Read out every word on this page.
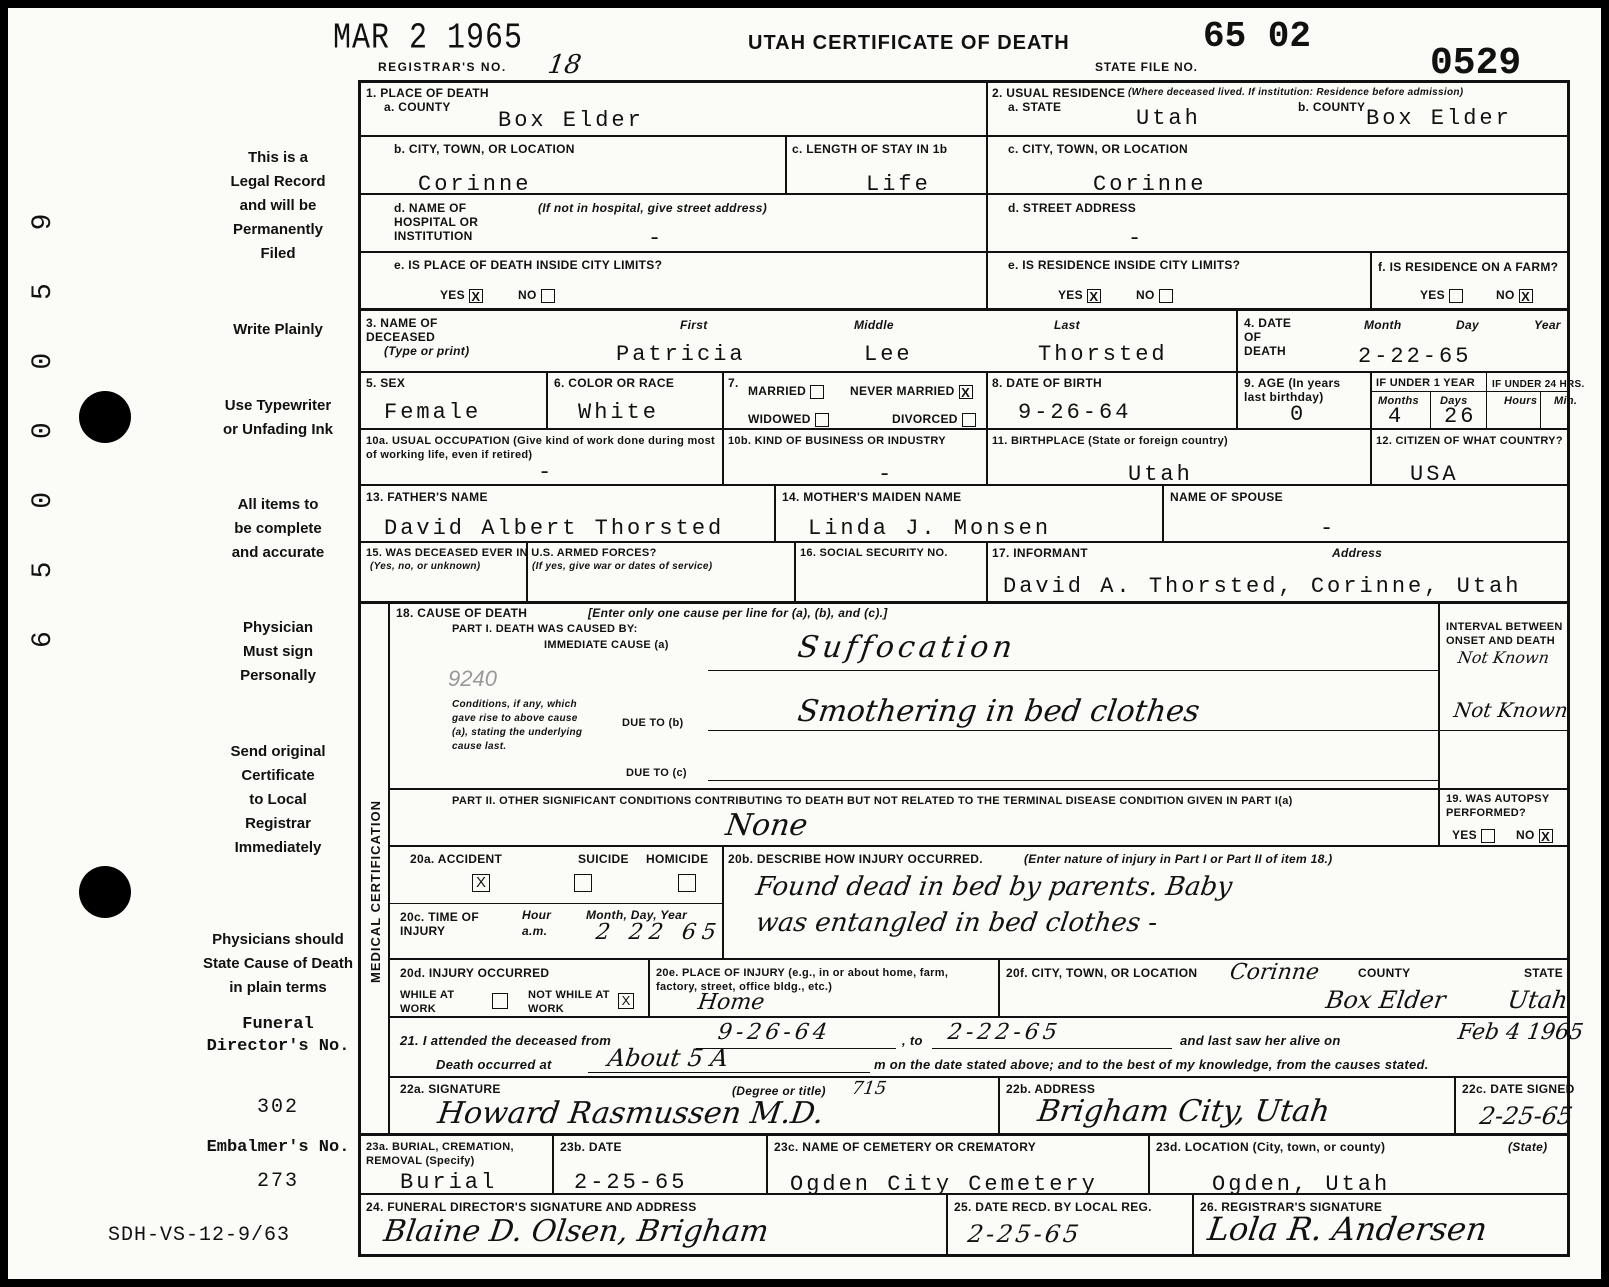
MAR 2 1965
REGISTRAR'S NO. 18
UTAH CERTIFICATE OF DEATH
STATE FILE NO.
65 02
0529
This is a
Legal Record
and will be
Permanently
Filed
Write Plainly
Use Typewriter
or Unfading Ink
All items to
be complete
and accurate
Physician
Must sign
Personally
Send original
Certificate
to Local
Registrar
Immediately
Physicians should
State Cause of Death
in plain terms
Funeral
Director's No.
302
Embalmer's No.
273
SDH-VS-12-9/63
6 5 0 0 0 5 9
MEDICAL CERTIFICATION
1. PLACE OF DEATH
a. COUNTY
Box Elder
2. USUAL RESIDENCE (Where deceased lived. If institution: Residence before admission)
a. STATE	Utah	b. COUNTY Box Elder
b. CITY, TOWN, OR LOCATION
Corinne
c. LENGTH OF STAY IN 1b
Life
c. CITY, TOWN, OR LOCATION
Corinne
d. NAME OF HOSPITAL OR INSTITUTION
(If not in hospital, give street address)
-
d. STREET ADDRESS
-
e. IS PLACE OF DEATH INSIDE CITY LIMITS?
YES X	NO
e. IS RESIDENCE INSIDE CITY LIMITS?
YES X	NO
f. IS RESIDENCE ON A FARM?
YES	NO X
3. NAME OF DECEASED
(Type or print)
First	Middle	Last
Patricia	Lee	Thorsted
4. DATE OF DEATH
Month	Day	Year
2-22-65
5. SEX
Female
6. COLOR OR RACE
White
7.
MARRIED	NEVER MARRIED X
WIDOWED	DIVORCED
8. DATE OF BIRTH
9-26-64
9. AGE (In years last birthday)
0
IF UNDER 1 YEAR IF UNDER 24 HRS.
Months Days	Hours Min.
4 26
10a. USUAL OCCUPATION (Give kind of work done during most of working life, even if retired)
-
10b. KIND OF BUSINESS OR INDUSTRY
-
11. BIRTHPLACE (State or foreign country)
Utah
12. CITIZEN OF WHAT COUNTRY?
USA
13. FATHER'S NAME
David Albert Thorsted
14. MOTHER'S MAIDEN NAME
Linda J. Monsen
NAME OF SPOUSE
-
15. WAS DECEASED EVER IN U.S. ARMED FORCES?
(Yes, no, or unknown)	(If yes, give war or dates of service)
16. SOCIAL SECURITY NO.	17. INFORMANT	Address
David A. Thorsted, Corinne, Utah
18. CAUSE OF DEATH	[Enter only one cause per line for (a), (b), and (c).]
PART I. DEATH WAS CAUSED BY:
IMMEDIATE CAUSE (a)	Suffocation
9240
Conditions, if any, which gave rise to above cause (a), stating the underlying cause last.
DUE TO (b)	Smothering in bed clothes
DUE TO (c)
INTERVAL BETWEEN ONSET AND DEATH
Not Known
Not Known
PART II. OTHER SIGNIFICANT CONDITIONS CONTRIBUTING TO DEATH BUT NOT RELATED TO THE TERMINAL DISEASE CONDITION GIVEN IN PART I(a)
None
19. WAS AUTOPSY PERFORMED?
YES	NO X
20a. ACCIDENT
X
SUICIDE HOMICIDE 20b. DESCRIBE HOW INJURY OCCURRED.	(Enter nature of injury in Part I or Part II of item 18.)
Found dead in bed by parents. Baby
was entangled in bed clothes -
20c. TIME OF INJURY
Hour
a.m.
Month, Day, Year
2 22 65
20d. INJURY OCCURRED
WHILE AT WORK
NOT WHILE AT WORK
X
20e. PLACE OF INJURY (e.g., in or about home, farm, factory, street, office bldg., etc.)
Home
20f. CITY, TOWN, OR LOCATION Corinne	COUNTY
Box Elder
STATE
Utah
21. I attended the deceased from	9-26-64	, to 2-22-65	and last saw her alive on	Feb 4 1965
Death occurred at About 5 A	m on the date stated above; and to the best of my knowledge, from the causes stated.
22a. SIGNATURE	(Degree or title) 715
Howard Rasmussen M.D.
22b. ADDRESS
Brigham City, Utah
22c. DATE SIGNED
2-25-65
23a. BURIAL, CREMATION, REMOVAL (Specify)
Burial
23b. DATE
2-25-65
23c. NAME OF CEMETERY OR CREMATORY
Ogden City Cemetery
23d. LOCATION (City, town, or county)	(State)
Ogden, Utah
24. FUNERAL DIRECTOR'S SIGNATURE AND ADDRESS
Blaine D. Olsen, Brigham
25. DATE RECD. BY LOCAL REG.
2-25-65
26. REGISTRAR'S SIGNATURE
Lola R. Andersen
